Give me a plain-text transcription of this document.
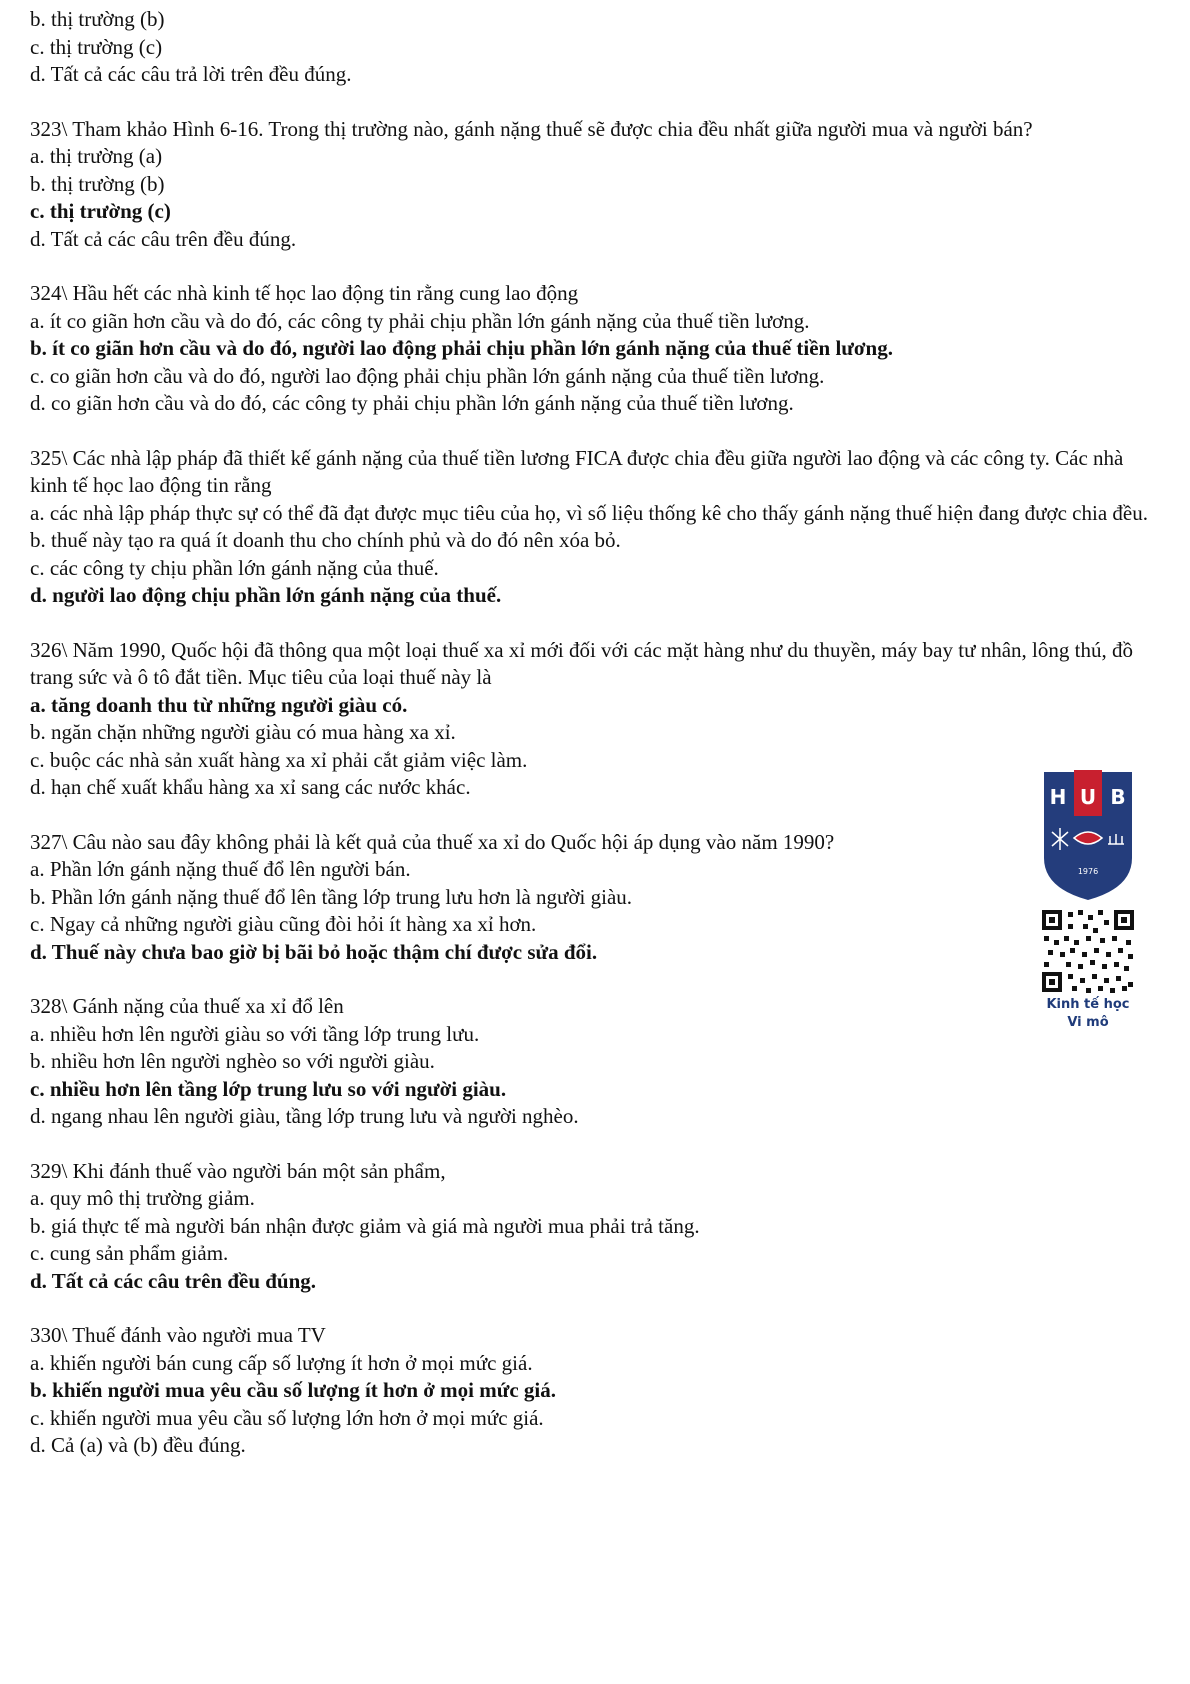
b. thị trường (b)
c. thị trường (c)
d. Tất cả các câu trả lời trên đều đúng.
323\ Tham khảo Hình 6-16. Trong thị trường nào, gánh nặng thuế sẽ được chia đều nhất giữa người mua và người bán?
a. thị trường (a)
b. thị trường (b)
c. thị trường (c)
d. Tất cả các câu trên đều đúng.
324\ Hầu hết các nhà kinh tế học lao động tin rằng cung lao động
a. ít co giãn hơn cầu và do đó, các công ty phải chịu phần lớn gánh nặng của thuế tiền lương.
b. ít co giãn hơn cầu và do đó, người lao động phải chịu phần lớn gánh nặng của thuế tiền lương.
c. co giãn hơn cầu và do đó, người lao động phải chịu phần lớn gánh nặng của thuế tiền lương.
d. co giãn hơn cầu và do đó, các công ty phải chịu phần lớn gánh nặng của thuế tiền lương.
325\ Các nhà lập pháp đã thiết kế gánh nặng của thuế tiền lương FICA được chia đều giữa người lao động và các công ty. Các nhà kinh tế học lao động tin rằng
a. các nhà lập pháp thực sự có thể đã đạt được mục tiêu của họ, vì số liệu thống kê cho thấy gánh nặng thuế hiện đang được chia đều.
b. thuế này tạo ra quá ít doanh thu cho chính phủ và do đó nên xóa bỏ.
c. các công ty chịu phần lớn gánh nặng của thuế.
d. người lao động chịu phần lớn gánh nặng của thuế.
326\ Năm 1990, Quốc hội đã thông qua một loại thuế xa xỉ mới đối với các mặt hàng như du thuyền, máy bay tư nhân, lông thú, đồ trang sức và ô tô đắt tiền. Mục tiêu của loại thuế này là
a. tăng doanh thu từ những người giàu có.
b. ngăn chặn những người giàu có mua hàng xa xỉ.
c. buộc các nhà sản xuất hàng xa xỉ phải cắt giảm việc làm.
d. hạn chế xuất khẩu hàng xa xỉ sang các nước khác.
327\ Câu nào sau đây không phải là kết quả của thuế xa xỉ do Quốc hội áp dụng vào năm 1990?
a. Phần lớn gánh nặng thuế đổ lên người bán.
b. Phần lớn gánh nặng thuế đổ lên tầng lớp trung lưu hơn là người giàu.
c. Ngay cả những người giàu cũng đòi hỏi ít hàng xa xỉ hơn.
d. Thuế này chưa bao giờ bị bãi bỏ hoặc thậm chí được sửa đổi.
328\ Gánh nặng của thuế xa xỉ đổ lên
a. nhiều hơn lên người giàu so với tầng lớp trung lưu.
b. nhiều hơn lên người nghèo so với người giàu.
c. nhiều hơn lên tầng lớp trung lưu so với người giàu.
d. ngang nhau lên người giàu, tầng lớp trung lưu và người nghèo.
329\ Khi đánh thuế vào người bán một sản phẩm,
a. quy mô thị trường giảm.
b. giá thực tế mà người bán nhận được giảm và giá mà người mua phải trả tăng.
c. cung sản phẩm giảm.
d. Tất cả các câu trên đều đúng.
330\ Thuế đánh vào người mua TV
a. khiến người bán cung cấp số lượng ít hơn ở mọi mức giá.
b. khiến người mua yêu cầu số lượng ít hơn ở mọi mức giá.
c. khiến người mua yêu cầu số lượng lớn hơn ở mọi mức giá.
d. Cả (a) và (b) đều đúng.
H U B
1976
Kinh tế học
Vi mô
